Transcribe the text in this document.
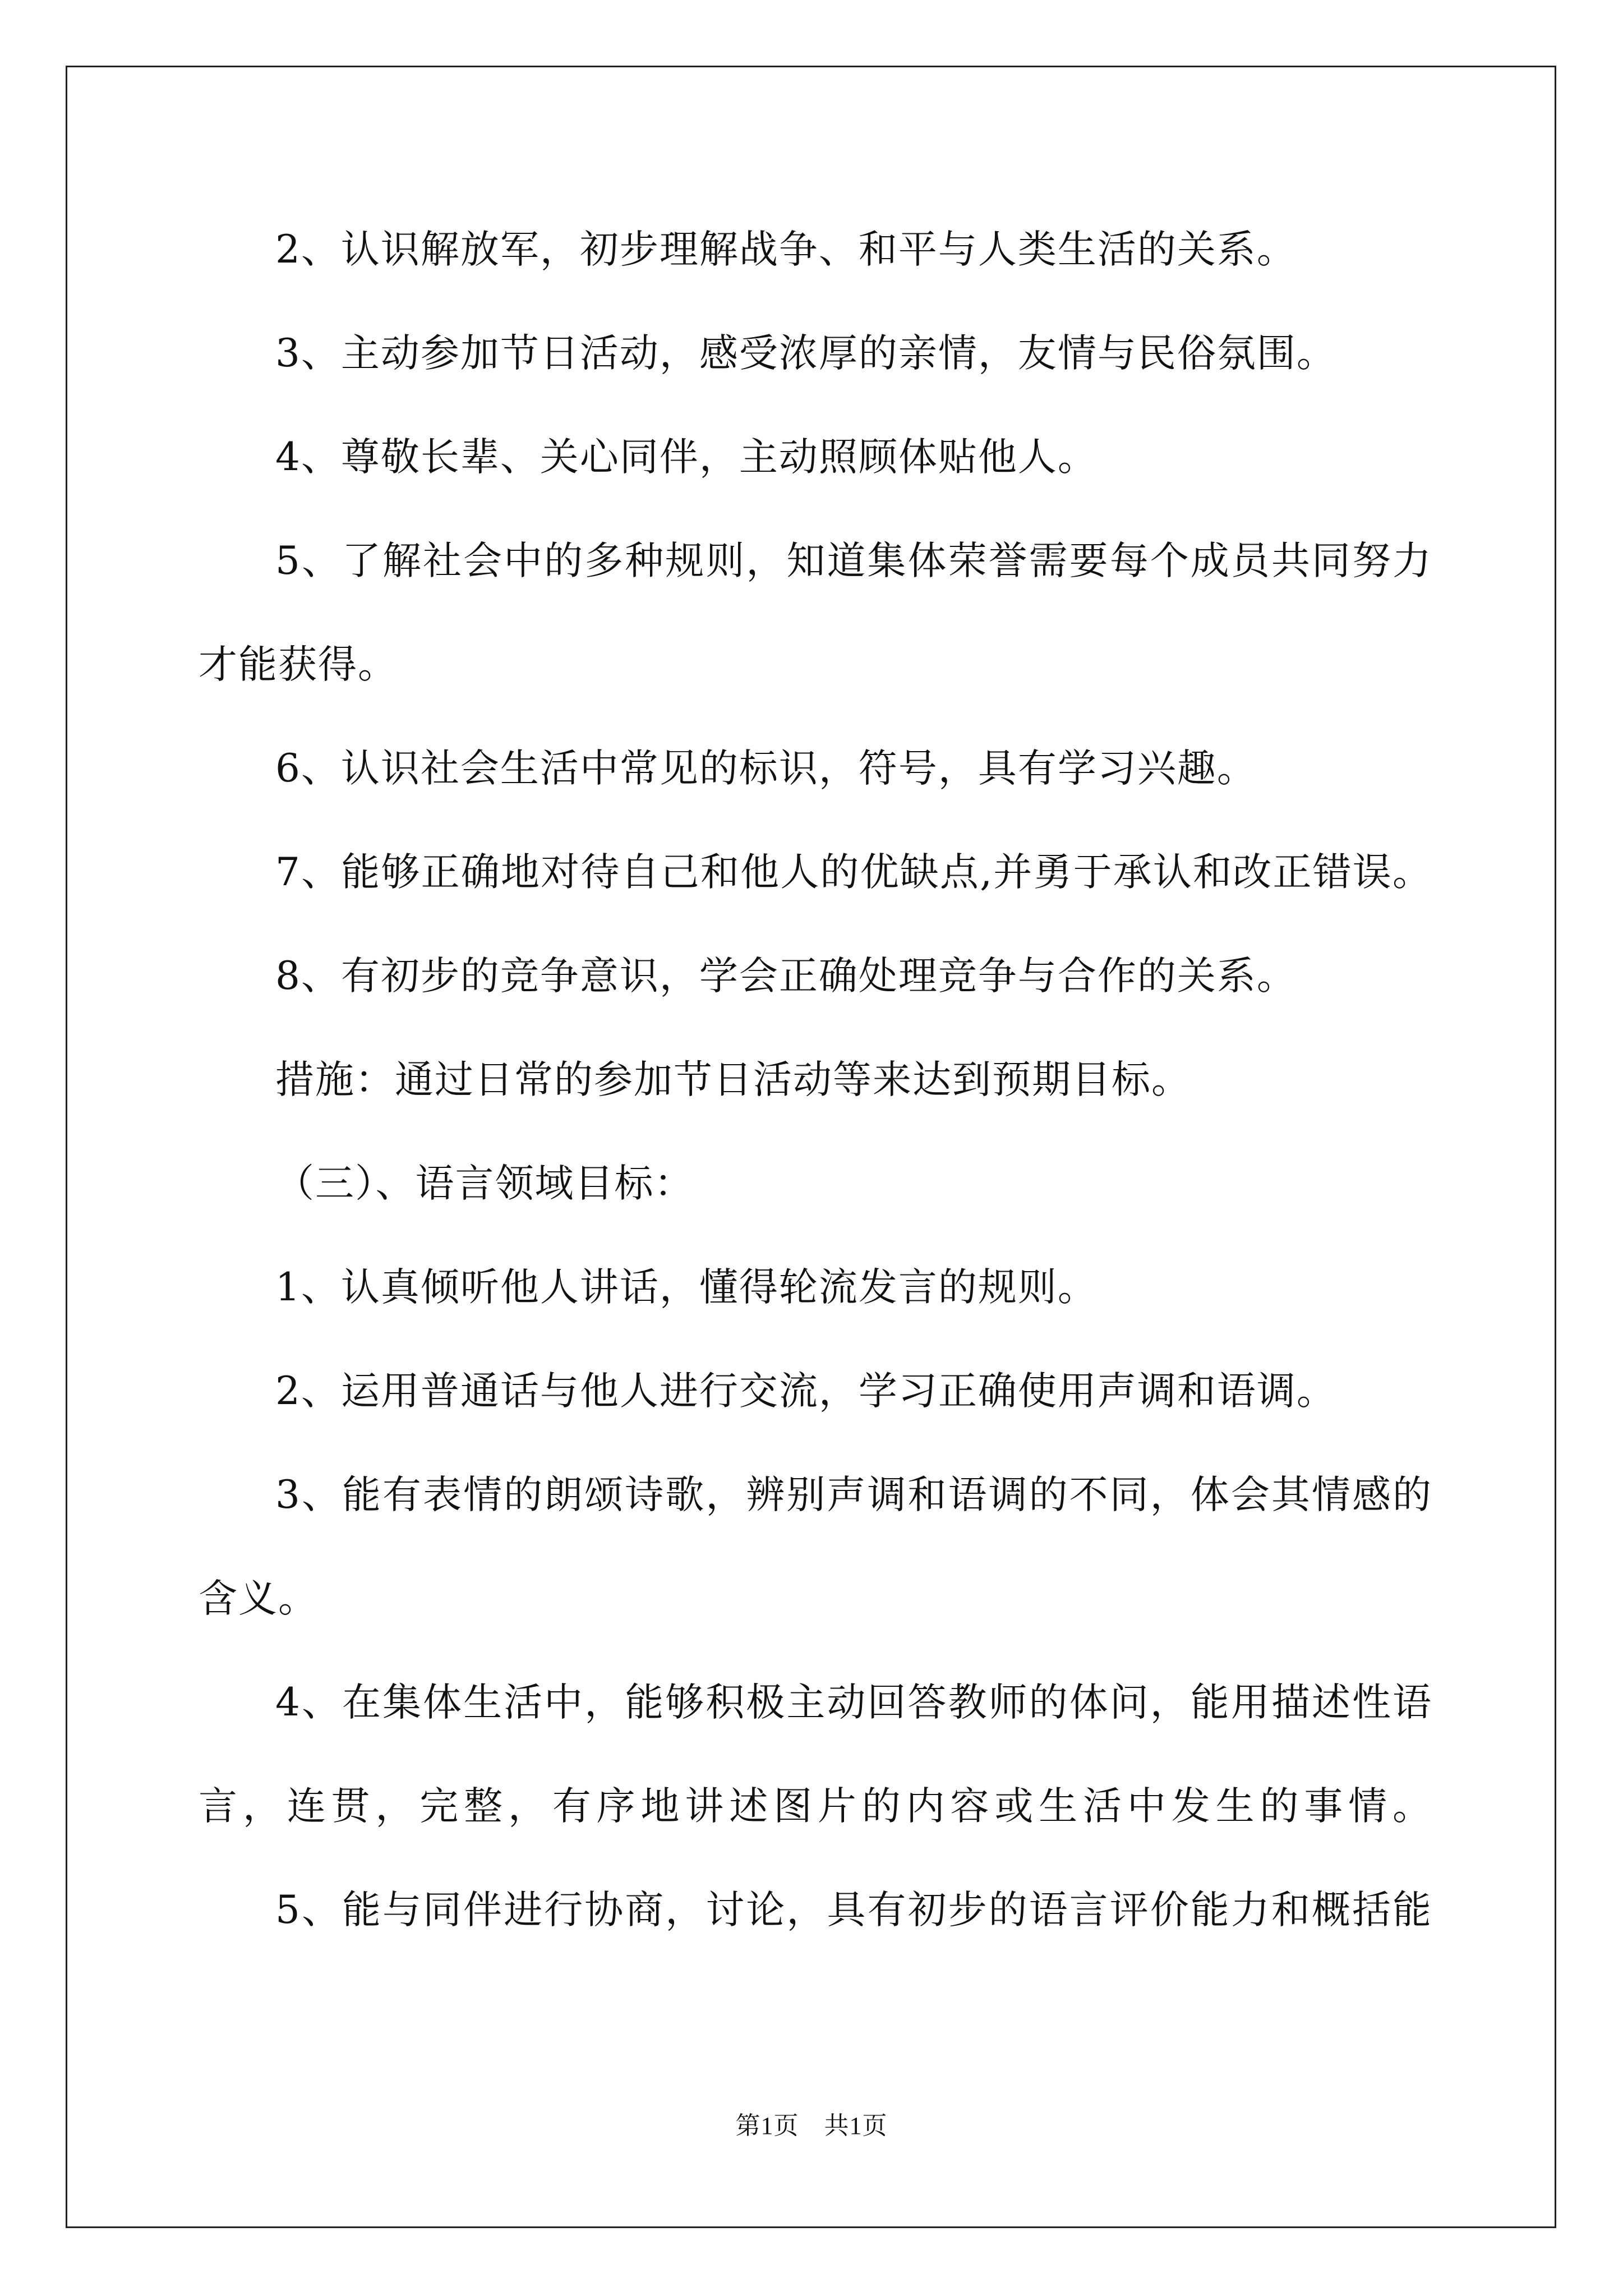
2、认识解放军，初步理解战争、和平与人类生活的关系。
3、主动参加节日活动，感受浓厚的亲情，友情与民俗氛围。
4、尊敬长辈、关心同伴，主动照顾体贴他人。
5、了解社会中的多种规则，知道集体荣誉需要每个成员共同努力
才能获得。
6、认识社会生活中常见的标识，符号，具有学习兴趣。
7、能够正确地对待自己和他人的优缺点,并勇于承认和改正错误。
8、有初步的竞争意识，学会正确处理竞争与合作的关系。
措施：通过日常的参加节日活动等来达到预期目标。
（三）、语言领域目标：
1、认真倾听他人讲话，懂得轮流发言的规则。
2、运用普通话与他人进行交流，学习正确使用声调和语调。
3、能有表情的朗颂诗歌，辨别声调和语调的不同，体会其情感的
含义。
4、在集体生活中，能够积极主动回答教师的体问，能用描述性语
言，连贯，完整，有序地讲述图片的内容或生活中发生的事情。
5、能与同伴进行协商，讨论，具有初步的语言评价能力和概括能
第1页　共1页
